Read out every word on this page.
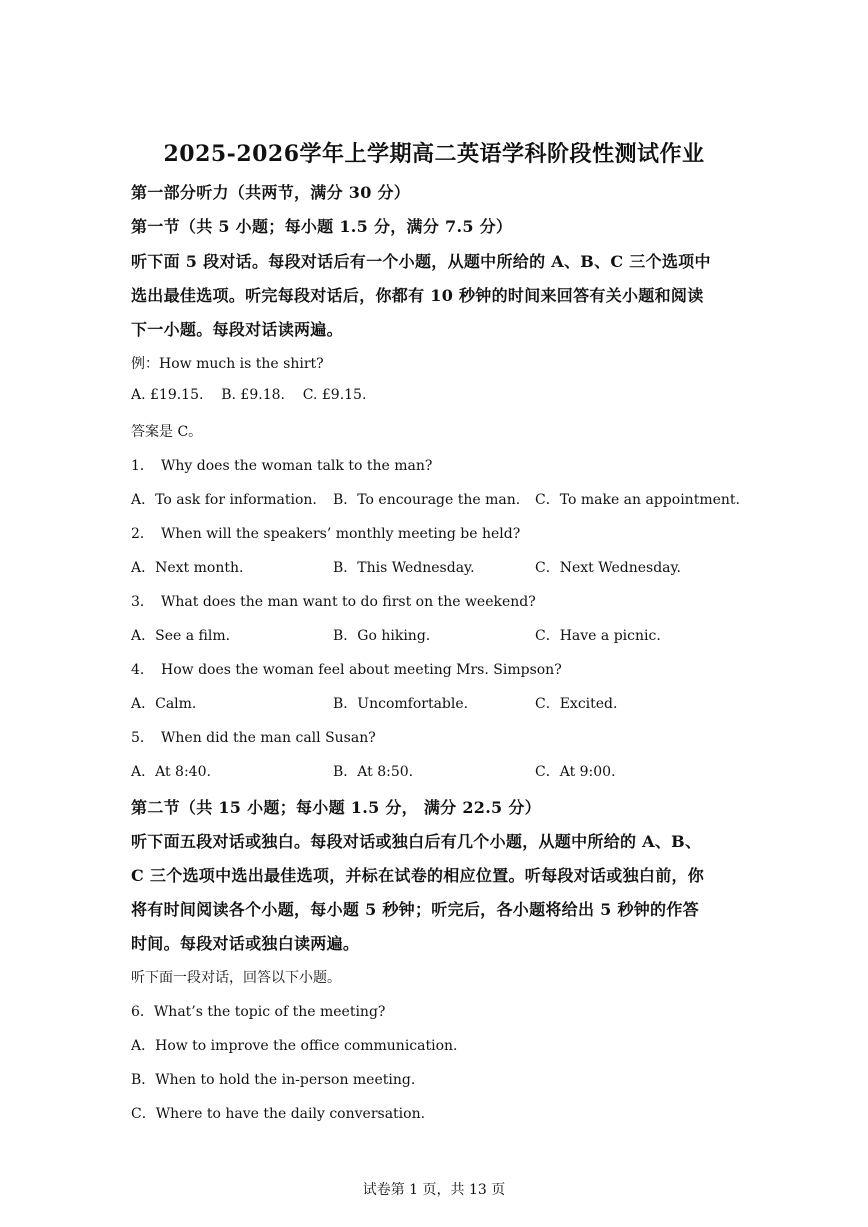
2025-2026学年上学期高二英语学科阶段性测试作业
第一部分听力（共两节，满分 30 分）
第一节（共 5 小题；每小题 1.5 分，满分 7.5 分）
听下面 5 段对话。每段对话后有一个小题，从题中所给的 A、B、C 三个选项中
选出最佳选项。听完每段对话后，你都有 10 秒钟的时间来回答有关小题和阅读
下一小题。每段对话读两遍。
例：How much is the shirt?
A. £19.15.    B. £9.18.    C. £9.15.
答案是 C。
1． Why does the woman talk to the man?
A．To ask for information. B．To encourage the man. C．To make an appointment.
2． When will the speakers’ monthly meeting be held?
A．Next month.	B．This Wednesday.	C．Next Wednesday.
3． What does the man want to do first on the weekend?
A．See a film.	B．Go hiking.	C．Have a picnic.
4． How does the woman feel about meeting Mrs. Simpson?
A．Calm.	B．Uncomfortable.	C．Excited.
5． When did the man call Susan?
A．At 8:40.	B．At 8:50.	C．At 9:00.
第二节（共 15 小题；每小题 1.5 分， 满分 22.5 分）
听下面五段对话或独白。每段对话或独白后有几个小题，从题中所给的 A、B、
C 三个选项中选出最佳选项，并标在试卷的相应位置。听每段对话或独白前，你
将有时间阅读各个小题，每小题 5 秒钟；听完后，各小题将给出 5 秒钟的作答
时间。每段对话或独白读两遍。
听下面一段对话，回答以下小题。
6．What’s the topic of the meeting?
A．How to improve the office communication.
B．When to hold the in-person meeting.
C．Where to have the daily conversation.
试卷第 1 页，共 13 页
